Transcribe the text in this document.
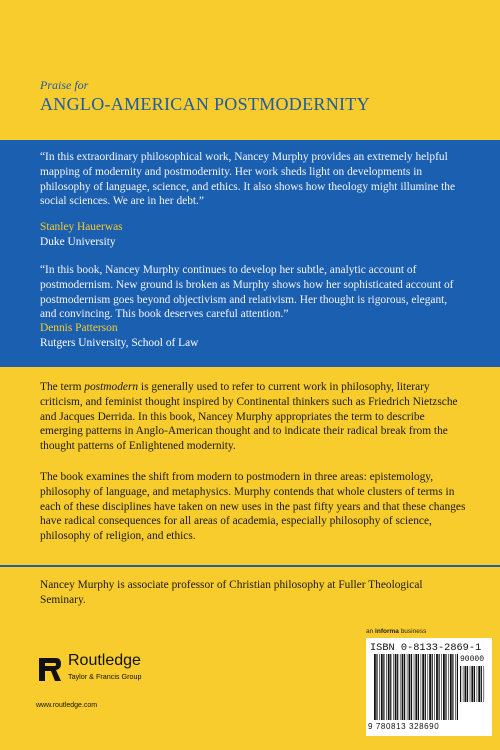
Praise for
ANGLO-AMERICAN POSTMODERNITY
“In this extraordinary philosophical work, Nancey Murphy provides an extremely helpful mapping of modernity and postmodernity. Her work sheds light on developments in philosophy of language, science, and ethics. It also shows how theology might illumine the social sciences. We are in her debt.”
Stanley Hauerwas
Duke University
“In this book, Nancey Murphy continues to develop her subtle, analytic account of postmodernism. New ground is broken as Murphy shows how her sophisticated account of postmodernism goes beyond objectivism and relativism. Her thought is rigorous, elegant, and convincing. This book deserves careful attention.”
Dennis Patterson
Rutgers University, School of Law
The term postmodern is generally used to refer to current work in philosophy, literary criticism, and feminist thought inspired by Continental thinkers such as Friedrich Nietzsche and Jacques Derrida. In this book, Nancey Murphy appropriates the term to describe emerging patterns in Anglo-American thought and to indicate their radical break from the thought patterns of Enlightened modernity.
The book examines the shift from modern to postmodern in three areas: epistemology, philosophy of language, and metaphysics. Murphy contends that whole clusters of terms in each of these disciplines have taken on new uses in the past fifty years and that these changes have radical consequences for all areas of academia, especially philosophy of science, philosophy of religion, and ethics.
Nancey Murphy is associate professor of Christian philosophy at Fuller Theological Seminary.
an informa business
R
Routledge
Taylor & Francis Group
www.routledge.com
ISBN 0-8133-2869-1
90000
9 780813 328690
